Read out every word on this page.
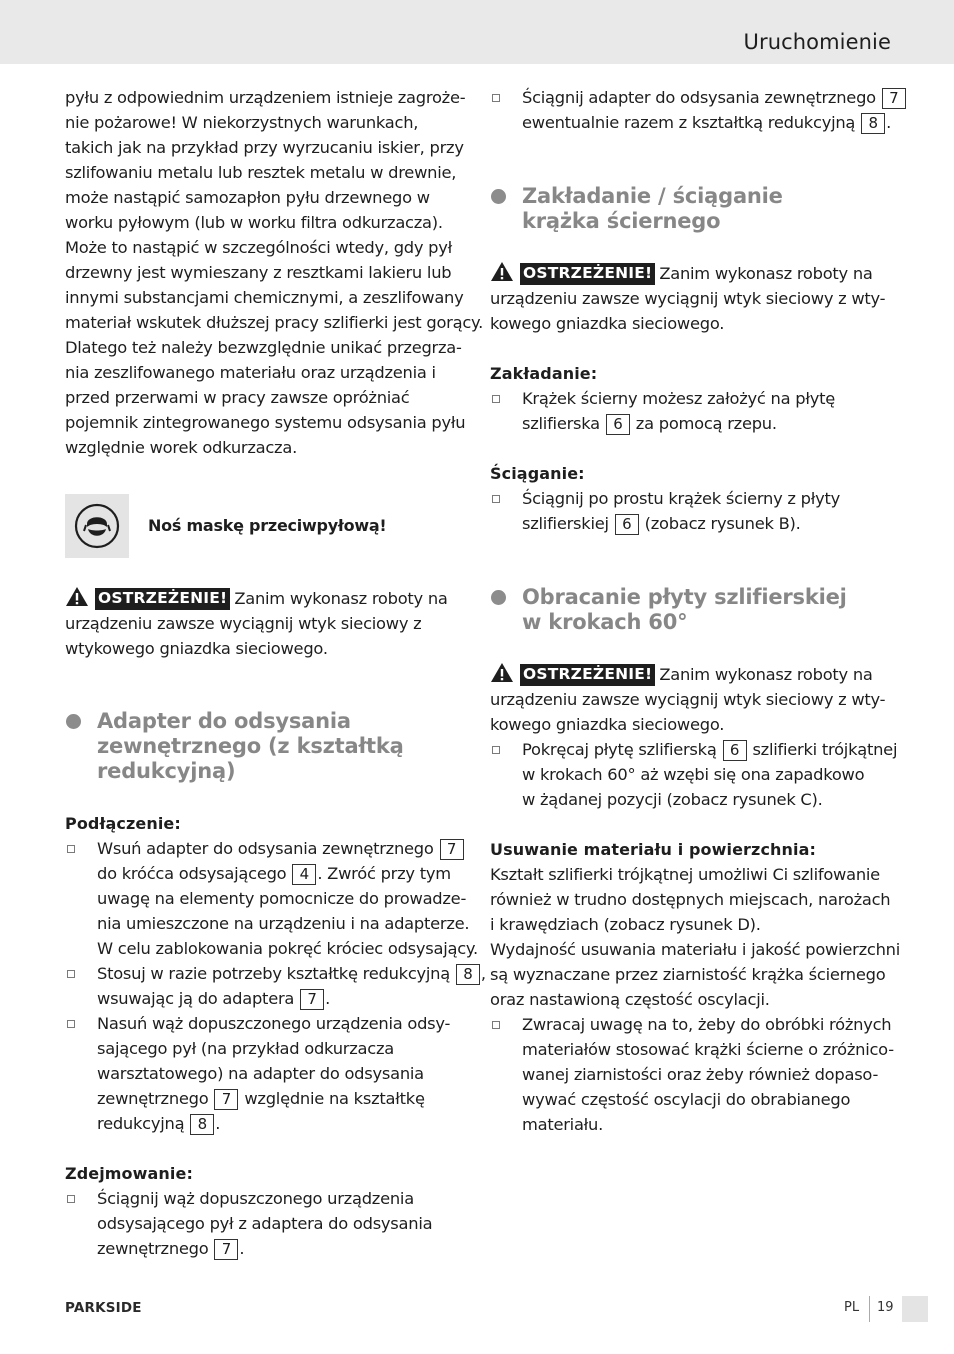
Uruchomienie
pyłu z odpowiednim urządzeniem istnieje zagroże-
nie pożarowe! W niekorzystnych warunkach,
takich jak na przykład przy wyrzucaniu iskier, przy
szlifowaniu metalu lub resztek metalu w drewnie,
może nastąpić samozapłon pyłu drzewnego w
worku pyłowym (lub w worku filtra odkurzacza).
Może to nastąpić w szczególności wtedy, gdy pył
drzewny jest wymieszany z resztkami lakieru lub
innymi substancjami chemicznymi, a zeszlifowany
materiał wskutek dłuższej pracy szlifierki jest gorący.
Dlatego też należy bezwzględnie unikać przegrza-
nia zeszlifowanego materiału oraz urządzenia i
przed przerwami w pracy zawsze opróżniać
pojemnik zintegrowanego systemu odsysania pyłu
względnie worek odkurzacza.
Noś maskę przeciwpyłową!
OSTRZEŻENIE! Zanim wykonasz roboty na
urządzeniu zawsze wyciągnij wtyk sieciowy z
wtykowego gniazdka sieciowego.
Adapter do odsysania
zewnętrznego (z kształtką
redukcyjną)
Podłączenie:
Wsuń adapter do odsysania zewnętrznego 7
do króćca odsysającego 4 . Zwróć przy tym
uwagę na elementy pomocnicze do prowadze-
nia umieszczone na urządzeniu i na adapterze.
W celu zablokowania pokręć króciec odsysający.
Stosuj w razie potrzeby kształtkę redukcyjną 8 ,
wsuwając ją do adaptera 7 .
Nasuń wąż dopuszczonego urządzenia odsy-
sającego pył (na przykład odkurzacza
warsztatowego) na adapter do odsysania
zewnętrznego 7 względnie na kształtkę
redukcyjną 8 .
Zdejmowanie:
Ściągnij wąż dopuszczonego urządzenia
odsysającego pył z adaptera do odsysania
zewnętrznego 7 .
Ściągnij adapter do odsysania zewnętrznego 7
ewentualnie razem z kształtką redukcyjną 8 .
Zakładanie / ściąganie
krążka ściernego
OSTRZEŻENIE! Zanim wykonasz roboty na
urządzeniu zawsze wyciągnij wtyk sieciowy z wty-
kowego gniazdka sieciowego.
Zakładanie:
Krążek ścierny możesz założyć na płytę
szlifierska 6 za pomocą rzepu.
Ściąganie:
Ściągnij po prostu krążek ścierny z płyty
szlifierskiej 6 (zobacz rysunek B).
Obracanie płyty szlifierskiej
w krokach 60°
OSTRZEŻENIE! Zanim wykonasz roboty na
urządzeniu zawsze wyciągnij wtyk sieciowy z wty-
kowego gniazdka sieciowego.
Pokręcaj płytę szlifierską 6 szlifierki trójkątnej
w krokach 60° aż wzębi się ona zapadkowo
w żądanej pozycji (zobacz rysunek C).
Usuwanie materiału i powierzchnia:
Kształt szlifierki trójkątnej umożliwi Ci szlifowanie
również w trudno dostępnych miejscach, narożach
i krawędziach (zobacz rysunek D).
Wydajność usuwania materiału i jakość powierzchni
są wyznaczane przez ziarnistość krążka ściernego
oraz nastawioną częstość oscylacji.
Zwracaj uwagę na to, żeby do obróbki różnych
materiałów stosować krążki ścierne o zróżnico-
wanej ziarnistości oraz żeby również dopaso-
wywać częstość oscylacji do obrabianego
materiału.
PARKSIDE	PL 19
